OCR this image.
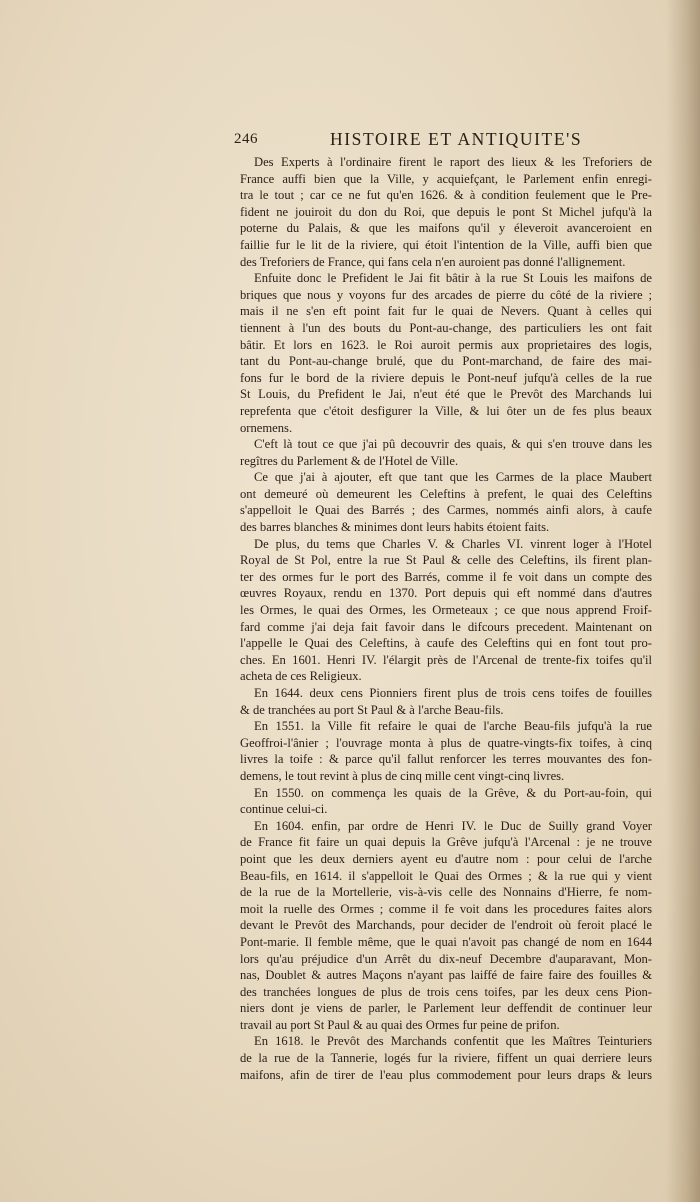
246	HISTOIRE ET ANTIQUITE'S
Des Experts à l'ordinaire firent le raport des lieux & les Treforiers de
France auffi bien que la Ville, y acquiefçant, le Parlement enfin enregi-
tra le tout ; car ce ne fut qu'en 1626. & à condition feulement que le Pre-
fident ne jouiroit du don du Roi, que depuis le pont St Michel jufqu'à la
poterne du Palais, & que les maifons qu'il y éleveroit avanceroient en
faillie fur le lit de la riviere, qui étoit l'intention de la Ville, auffi bien que
des Treforiers de France, qui fans cela n'en auroient pas donné l'allignement.
Enfuite donc le Prefident le Jai fit bâtir à la rue St Louis les maifons de
briques que nous y voyons fur des arcades de pierre du côté de la riviere ;
mais il ne s'en eft point fait fur le quai de Nevers. Quant à celles qui
tiennent à l'un des bouts du Pont-au-change, des particuliers les ont fait
bâtir. Et lors en 1623. le Roi auroit permis aux proprietaires des logis,
tant du Pont-au-change brulé, que du Pont-marchand, de faire des mai-
fons fur le bord de la riviere depuis le Pont-neuf jufqu'à celles de la rue
St Louis, du Prefident le Jai, n'eut été que le Prevôt des Marchands lui
reprefenta que c'étoit desfigurer la Ville, & lui ôter un de fes plus beaux
ornemens.
C'eft là tout ce que j'ai pû decouvrir des quais, & qui s'en trouve dans les
regîtres du Parlement & de l'Hotel de Ville.
Ce que j'ai à ajouter, eft que tant que les Carmes de la place Maubert
ont demeuré où demeurent les Celeftins à prefent, le quai des Celeftins
s'appelloit le Quai des Barrés ; des Carmes, nommés ainfi alors, à caufe
des barres blanches & minimes dont leurs habits étoient faits.
De plus, du tems que Charles V. & Charles VI. vinrent loger à l'Hotel
Royal de St Pol, entre la rue St Paul & celle des Celeftins, ils firent plan-
ter des ormes fur le port des Barrés, comme il fe voit dans un compte des
œuvres Royaux, rendu en 1370. Port depuis qui eft nommé dans d'autres
les Ormes, le quai des Ormes, les Ormeteaux ; ce que nous apprend Froif-
fard comme j'ai deja fait favoir dans le difcours precedent. Maintenant on
l'appelle le Quai des Celeftins, à caufe des Celeftins qui en font tout pro-
ches. En 1601. Henri IV. l'élargit près de l'Arcenal de trente-fix toifes qu'il
acheta de ces Religieux.
En 1644. deux cens Pionniers firent plus de trois cens toifes de fouilles
& de tranchées au port St Paul & à l'arche Beau-fils.
En 1551. la Ville fit refaire le quai de l'arche Beau-fils jufqu'à la rue
Geoffroi-l'ânier ; l'ouvrage monta à plus de quatre-vingts-fix toifes, à cinq
livres la toife : & parce qu'il fallut renforcer les terres mouvantes des fon-
demens, le tout revint à plus de cinq mille cent vingt-cinq livres.
En 1550. on commença les quais de la Grêve, & du Port-au-foin, qui
continue celui-ci.
En 1604. enfin, par ordre de Henri IV. le Duc de Suilly grand Voyer
de France fit faire un quai depuis la Grêve jufqu'à l'Arcenal : je ne trouve
point que les deux derniers ayent eu d'autre nom : pour celui de l'arche
Beau-fils, en 1614. il s'appelloit le Quai des Ormes ; & la rue qui y vient
de la rue de la Mortellerie, vis-à-vis celle des Nonnains d'Hierre, fe nom-
moit la ruelle des Ormes ; comme il fe voit dans les procedures faites alors
devant le Prevôt des Marchands, pour decider de l'endroit où feroit placé le
Pont-marie. Il femble même, que le quai n'avoit pas changé de nom en 1644
lors qu'au préjudice d'un Arrêt du dix-neuf Decembre d'auparavant, Mon-
nas, Doublet & autres Maçons n'ayant pas laiffé de faire faire des fouilles &
des tranchées longues de plus de trois cens toifes, par les deux cens Pion-
niers dont je viens de parler, le Parlement leur deffendit de continuer leur
travail au port St Paul & au quai des Ormes fur peine de prifon.
En 1618. le Prevôt des Marchands confentit que les Maîtres Teinturiers
de la rue de la Tannerie, logés fur la riviere, fiffent un quai derriere leurs
maifons, afin de tirer de l'eau plus commodement pour leurs draps & leurs
